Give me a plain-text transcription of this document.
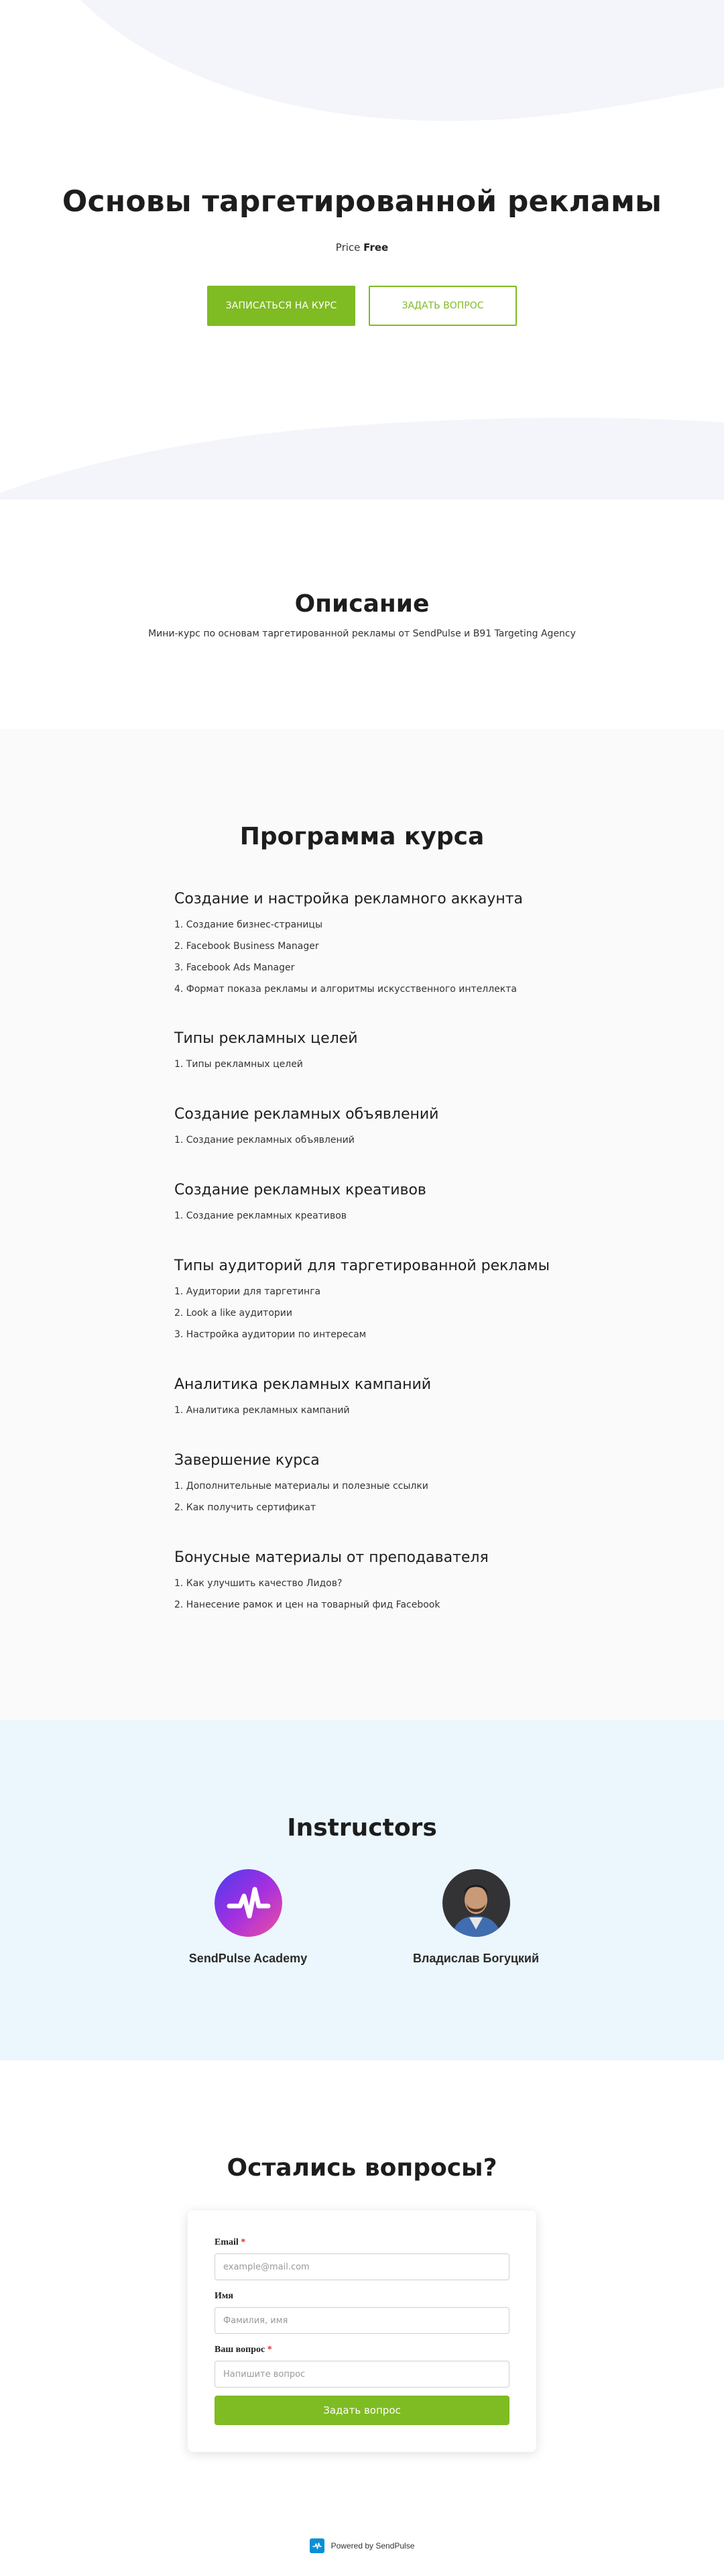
Основы таргетированной рекламы
Price Free
ЗАПИСАТЬСЯ НА КУРС	ЗАДАТЬ ВОПРОС
Описание

Мини-курс по основам таргетированной рекламы от SendPulse и B91 Targeting Agency

Программа курса
Создание и настройка рекламного аккаунта
1. Создание бизнес-страницы
2. Facebook Business Manager
3. Facebook Ads Manager
4. Формат показа рекламы и алгоритмы искусственного интеллекта
Типы рекламных целей
1. Типы рекламных целей
Создание рекламных объявлений
1. Создание рекламных объявлений
Создание рекламных креативов
1. Создание рекламных креативов
Типы аудиторий для таргетированной рекламы
1. Аудитории для таргетинга
2. Look a like аудитории
3. Настройка аудитории по интересам
Аналитика рекламных кампаний
1. Аналитика рекламных кампаний
Завершение курса
1. Дополнительные материалы и полезные ссылки
2. Как получить сертификат
Бонусные материалы от преподавателя
1. Как улучшить качество Лидов?
2. Нанесение рамок и цен на товарный фид Facebook
Instructors
SendPulse Academy	Владислав Богуцкий
Остались вопросы?
Email *
example@mail.com
Имя
Фамилия, имя
Ваш вопрос *
Напишите вопрос
Задать вопрос
Powered by SendPulse
